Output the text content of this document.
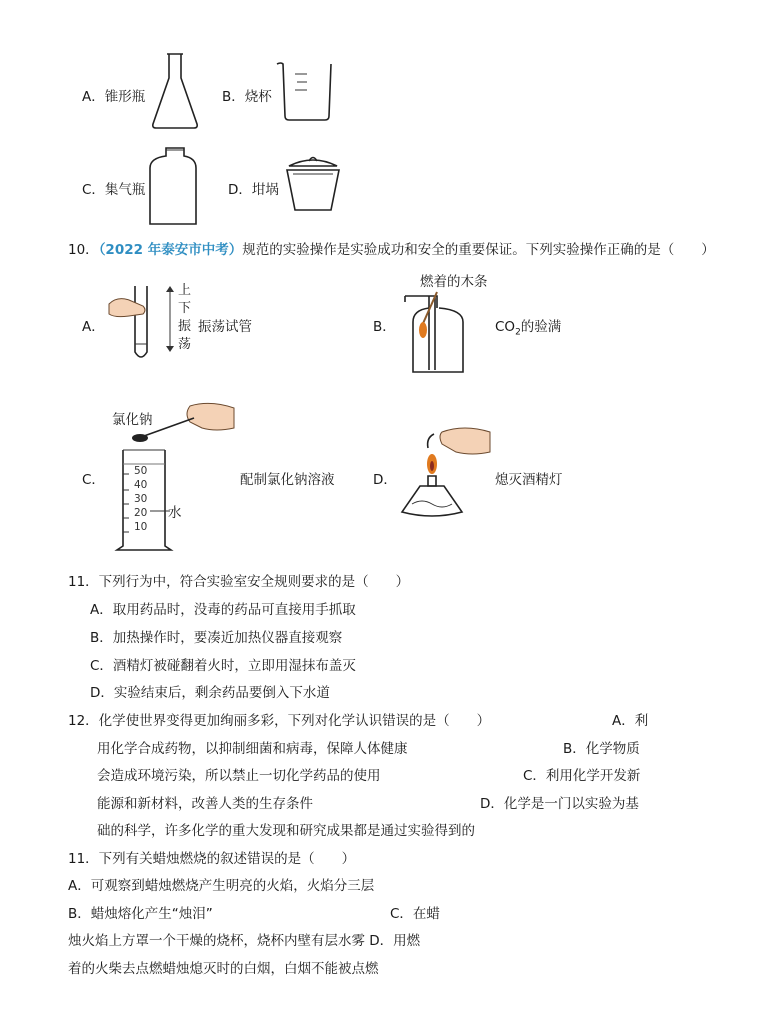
A．锥形瓶	B．烧杯
C．集气瓶	D．坩埚
10．（2022 年泰安市中考）规范的实验操作是实验成功和安全的重要保证。下列实验操作正确的是（　　）
A．
上
下
振
荡
振荡试管	B．
燃着的木条
$CO_2$的验满
C．
氯化钠
50
40
30
20
10
水
配制氯化钠溶液	D．	熄灭酒精灯
11．下列行为中，符合实验室安全规则要求的是（　　）
A．取用药品时，没毒的药品可直接用手抓取
B．加热操作时，要凑近加热仪器直接观察
C．酒精灯被碰翻着火时，立即用湿抹布盖灭
D．实验结束后，剩余药品要倒入下水道
12．化学使世界变得更加绚丽多彩，下列对化学认识错误的是（　　）	A．利
用化学合成药物，以抑制细菌和病毒，保障人体健康	B．化学物质
会造成环境污染，所以禁止一切化学药品的使用	C．利用化学开发新
能源和新材料，改善人类的生存条件	D．化学是一门以实验为基
础的科学，许多化学的重大发现和研究成果都是通过实验得到的
11．下列有关蜡烛燃烧的叙述错误的是（　　）
A．可观察到蜡烛燃烧产生明亮的火焰，火焰分三层
B．蜡烛熔化产生“烛泪”	C．在蜡
烛火焰上方罩一个干燥的烧杯，烧杯内壁有层水雾 D．用燃
着的火柴去点燃蜡烛熄灭时的白烟，白烟不能被点燃
